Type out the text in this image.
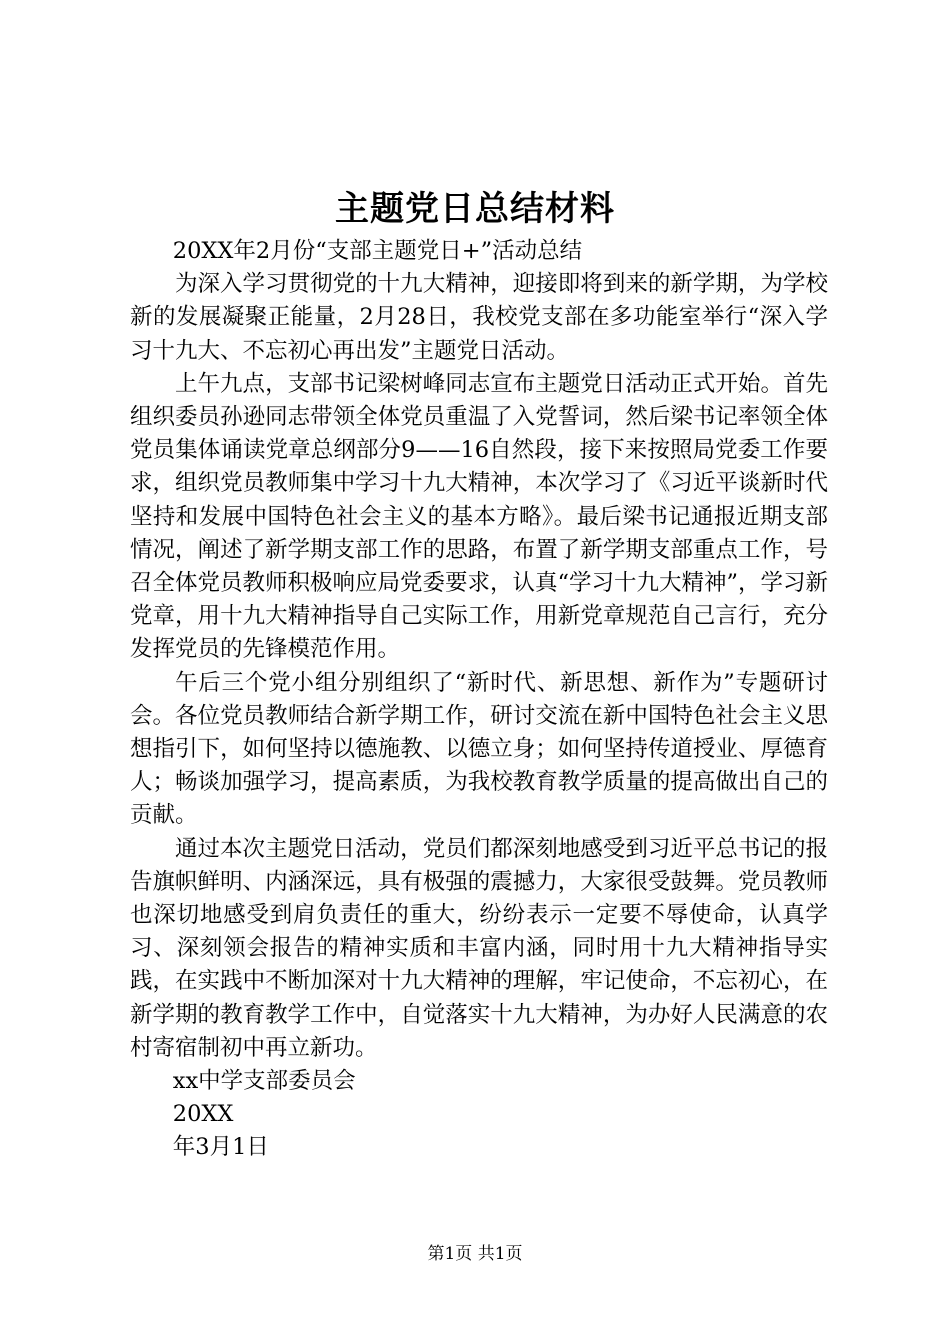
主题党日总结材料

20XX年2月份“支部主题党日+”活动总结

为深入学习贯彻党的十九大精神，迎接即将到来的新学期，为学校新的发展凝聚正能量，2月28日，我校党支部在多功能室举行“深入学习十九大、不忘初心再出发”主题党日活动。

上午九点，支部书记梁树峰同志宣布主题党日活动正式开始。首先组织委员孙逊同志带领全体党员重温了入党誓词，然后梁书记率领全体党员集体诵读党章总纲部分9——16自然段，接下来按照局党委工作要求，组织党员教师集中学习十九大精神，本次学习了《习近平谈新时代坚持和发展中国特色社会主义的基本方略》。最后梁书记通报近期支部情况，阐述了新学期支部工作的思路，布置了新学期支部重点工作，号召全体党员教师积极响应局党委要求，认真“学习十九大精神”，学习新党章，用十九大精神指导自己实际工作，用新党章规范自己言行，充分发挥党员的先锋模范作用。

午后三个党小组分别组织了“新时代、新思想、新作为”专题研讨会。各位党员教师结合新学期工作，研讨交流在新中国特色社会主义思想指引下，如何坚持以德施教、以德立身；如何坚持传道授业、厚德育人；畅谈加强学习，提高素质，为我校教育教学质量的提高做出自己的贡献。

通过本次主题党日活动，党员们都深刻地感受到习近平总书记的报告旗帜鲜明、内涵深远，具有极强的震撼力，大家很受鼓舞。党员教师也深切地感受到肩负责任的重大，纷纷表示一定要不辱使命，认真学习、深刻领会报告的精神实质和丰富内涵，同时用十九大精神指导实践，在实践中不断加深对十九大精神的理解，牢记使命，不忘初心，在新学期的教育教学工作中，自觉落实十九大精神，为办好人民满意的农村寄宿制初中再立新功。

xx中学支部委员会

20XX

年3月1日

第1页 共1页
